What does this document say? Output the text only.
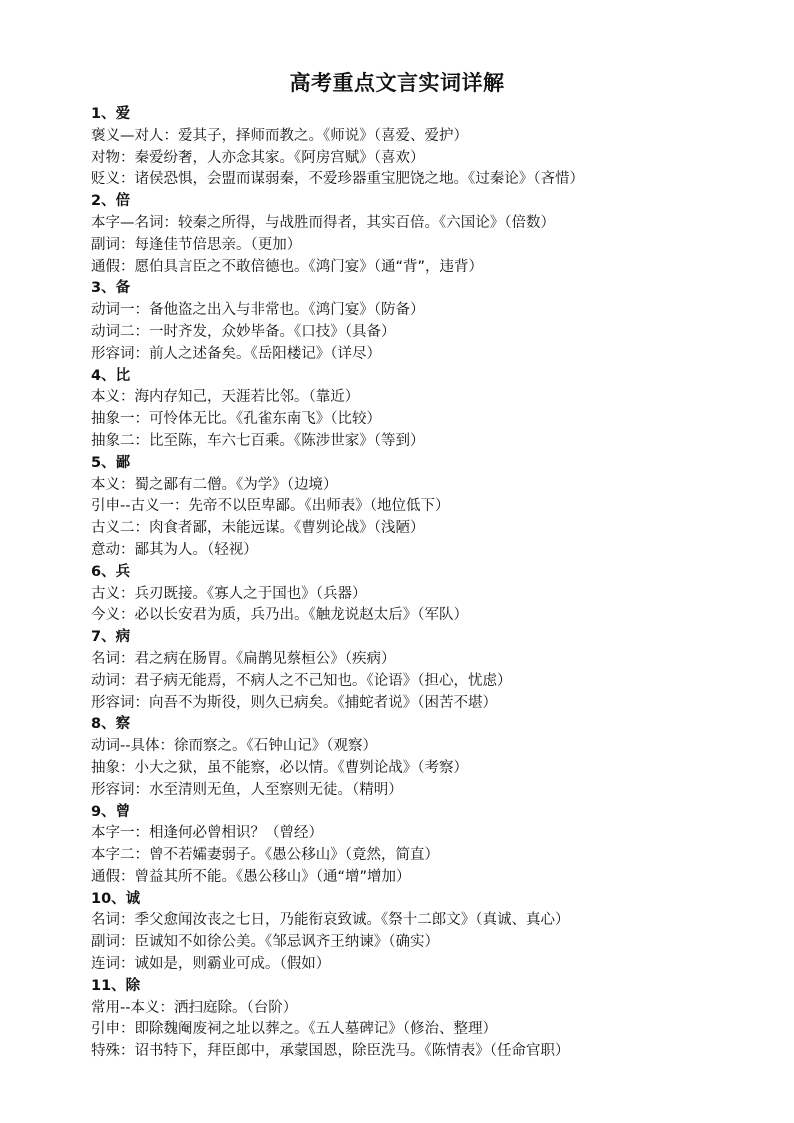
高考重点文言实词详解
1、爱
褒义—对人：爱其子，择师而教之。《师说》（喜爱、爱护）
对物：秦爱纷奢，人亦念其家。《阿房宫赋》（喜欢）
贬义：诸侯恐惧，会盟而谋弱秦，不爱珍器重宝肥饶之地。《过秦论》（吝惜）
2、倍
本字—名词：较秦之所得，与战胜而得者，其实百倍。《六国论》（倍数）
副词：每逢佳节倍思亲。（更加）
通假：愿伯具言臣之不敢倍德也。《鸿门宴》（通“背”，违背）
3、备
动词一：备他盗之出入与非常也。《鸿门宴》（防备）
动词二：一时齐发，众妙毕备。《口技》（具备）
形容词：前人之述备矣。《岳阳楼记》（详尽）
4、比
本义：海内存知己，天涯若比邻。（靠近）
抽象一：可怜体无比。《孔雀东南飞》（比较）
抽象二：比至陈，车六七百乘。《陈涉世家》（等到）
5、鄙
本义：蜀之鄙有二僧。《为学》（边境）
引申--古义一：先帝不以臣卑鄙。《出师表》（地位低下）
古义二：肉食者鄙，未能远谋。《曹刿论战》（浅陋）
意动：鄙其为人。（轻视）
6、兵
古义：兵刃既接。《寡人之于国也》（兵器）
今义：必以长安君为质，兵乃出。《触龙说赵太后》（军队）
7、病
名词：君之病在肠胃。《扁鹊见蔡桓公》（疾病）
动词：君子病无能焉，不病人之不己知也。《论语》（担心，忧虑）
形容词：向吾不为斯役，则久已病矣。《捕蛇者说》（困苦不堪）
8、察
动词--具体：徐而察之。《石钟山记》（观察）
抽象：小大之狱，虽不能察，必以情。《曹刿论战》（考察）
形容词：水至清则无鱼，人至察则无徒。（精明）
9、曾
本字一：相逢何必曾相识？（曾经）
本字二：曾不若孀妻弱子。《愚公移山》（竟然，简直）
通假：曾益其所不能。《愚公移山》（通“增”增加）
10、诚
名词：季父愈闻汝丧之七日，乃能衔哀致诚。《祭十二郎文》（真诚、真心）
副词：臣诚知不如徐公美。《邹忌讽齐王纳谏》（确实）
连词：诚如是，则霸业可成。（假如）
11、除
常用--本义：洒扫庭除。（台阶）
引申：即除魏阉废祠之址以葬之。《五人墓碑记》（修治、整理）
特殊：诏书特下，拜臣郎中，承蒙国恩，除臣洗马。《陈情表》（任命官职）
